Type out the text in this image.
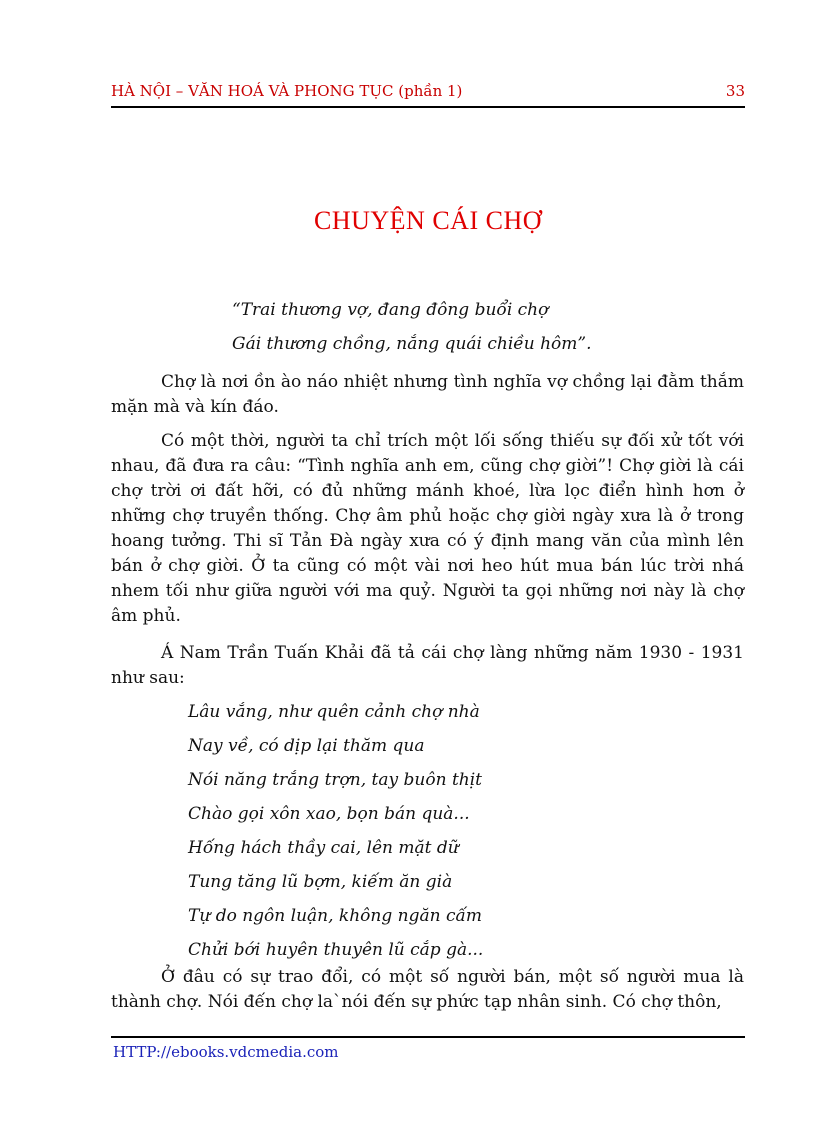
HÀ NỘI – VĂN HOÁ VÀ PHONG TỤC (phần 1)	33
CHUYỆN CÁI CHỢ
“Trai thương vợ, đang đông buổi chợ
Gái thương chồng, nắng quái chiều hôm”.

Chợ là nơi ồn ào náo nhiệt nhưng tình nghĩa vợ chồng lại đằm thắm mặn mà và kín đáo.

Có một thời, người ta chỉ trích một lối sống thiếu sự đối xử tốt với nhau, đã đưa ra câu: “Tình nghĩa anh em, cũng chợ giời”! Chợ giời là cái chợ trời ơi đất hỡi, có đủ những mánh khoé, lừa lọc điển hình hơn ở những chợ truyền thống. Chợ âm phủ hoặc chợ giời ngày xưa là ở trong hoang tưởng. Thi sĩ Tản Đà ngày xưa có ý định mang văn của mình lên bán ở chợ giời. Ở ta cũng có một vài nơi heo hút mua bán lúc trời nhá nhem tối như giữa người với ma quỷ. Người ta gọi những nơi này là chợ âm phủ.

Á Nam Trần Tuấn Khải đã tả cái chợ làng những năm 1930 - 1931 như sau:

Lâu vắng, như quên cảnh chợ nhà
Nay về, có dịp lại thăm qua
Nói năng trắng trợn, tay buôn thịt
Chào gọi xôn xao, bọn bán quà...
Hống hách thầy cai, lên mặt dữ
Tung tăng lũ bợm, kiếm ăn già
Tự do ngôn luận, không ngăn cấm
Chửi bới huyên thuyên lũ cắp gà...

Ở đâu có sự trao đổi, có một số người bán, một số người mua là thành chợ. Nói đến chợ la`nói đến sự phức tạp nhân sinh. Có chợ thôn,

HTTP://ebooks.vdcmedia.com
